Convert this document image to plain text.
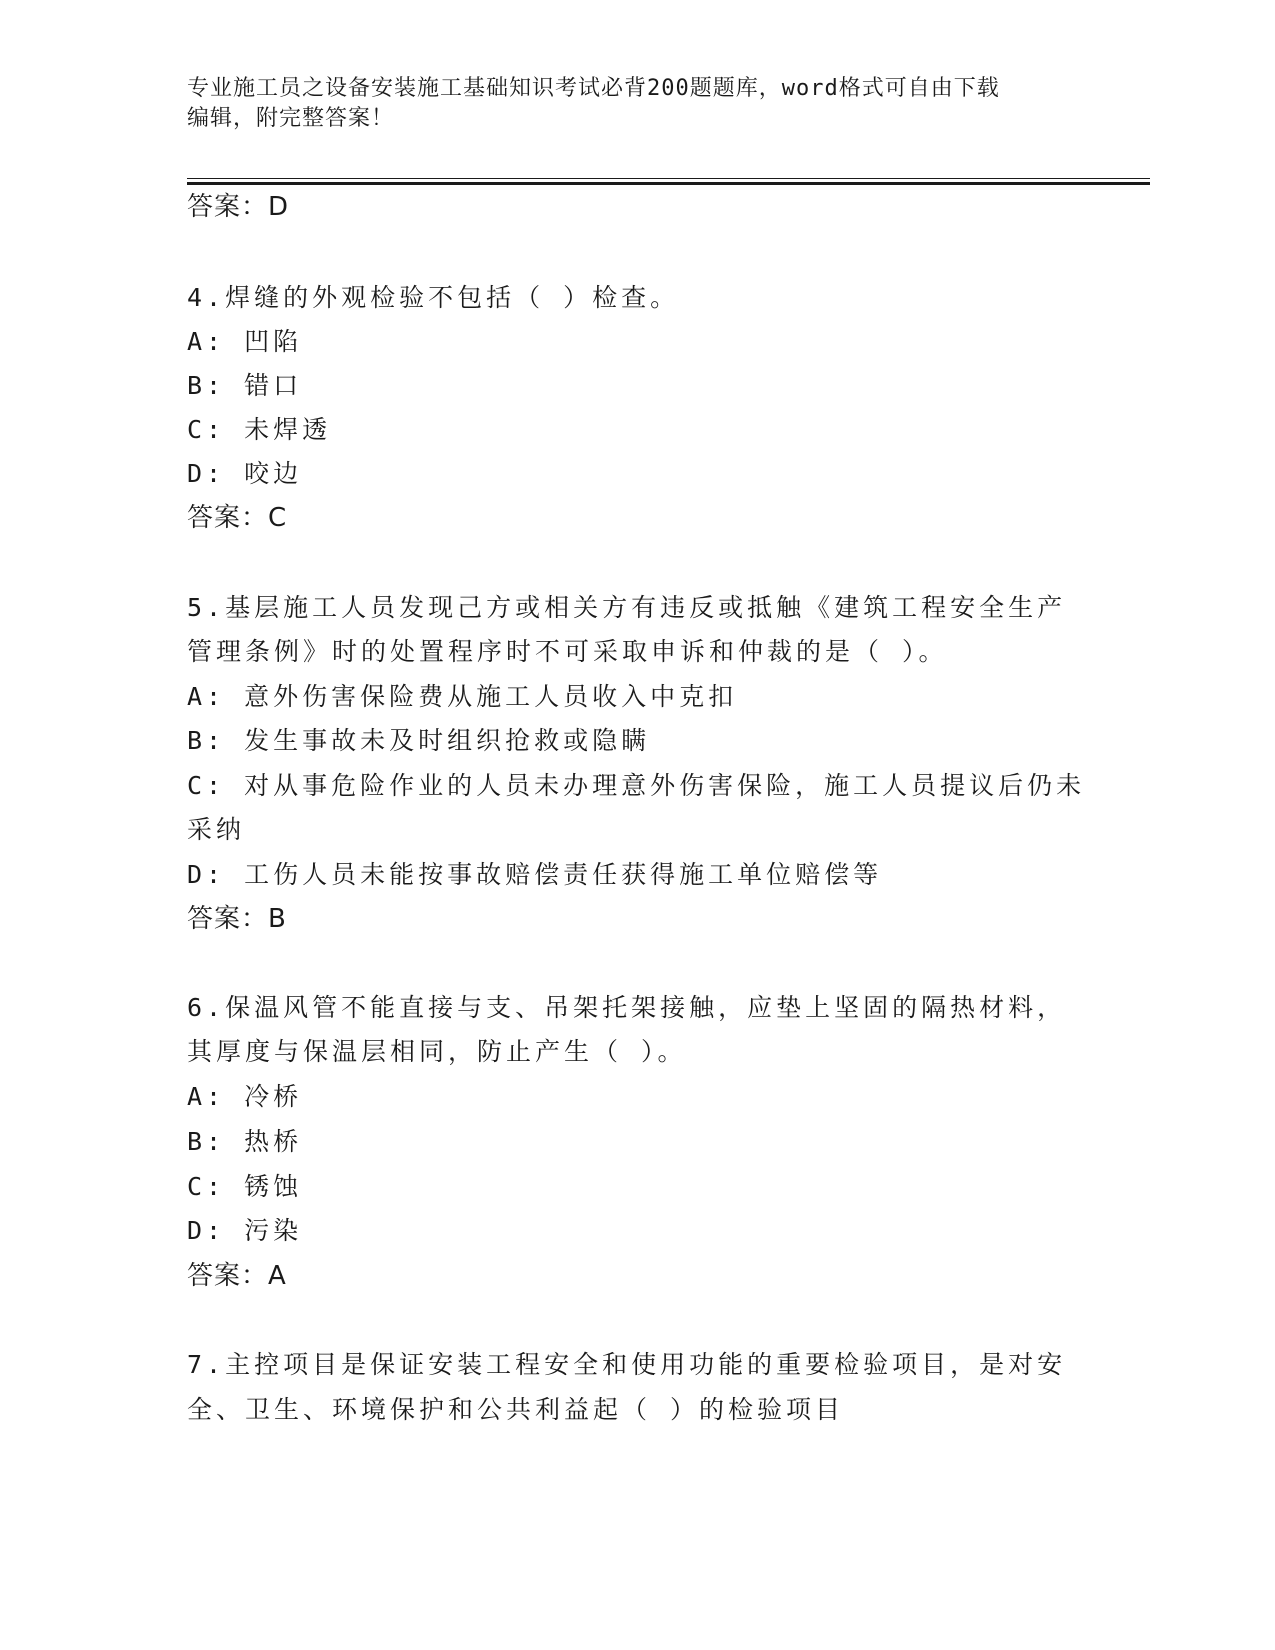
专业施工员之设备安装施工基础知识考试必背200题题库，word格式可自由下载
编辑，附完整答案！

答案：D

4.焊缝的外观检验不包括（ ）检查。

A: 凹陷

B: 错口

C: 未焊透

D: 咬边

答案：C

5.基层施工人员发现己方或相关方有违反或抵触《建筑工程安全生产

管理条例》时的处置程序时不可采取申诉和仲裁的是（ ）。

A: 意外伤害保险费从施工人员收入中克扣

B: 发生事故未及时组织抢救或隐瞒

C: 对从事危险作业的人员未办理意外伤害保险，施工人员提议后仍未

采纳

D: 工伤人员未能按事故赔偿责任获得施工单位赔偿等

答案：B

6.保温风管不能直接与支、吊架托架接触，应垫上坚固的隔热材料，

其厚度与保温层相同，防止产生（ ）。

A: 冷桥

B: 热桥

C: 锈蚀

D: 污染

答案：A

7.主控项目是保证安装工程安全和使用功能的重要检验项目，是对安

全、卫生、环境保护和公共利益起（ ）的检验项目
